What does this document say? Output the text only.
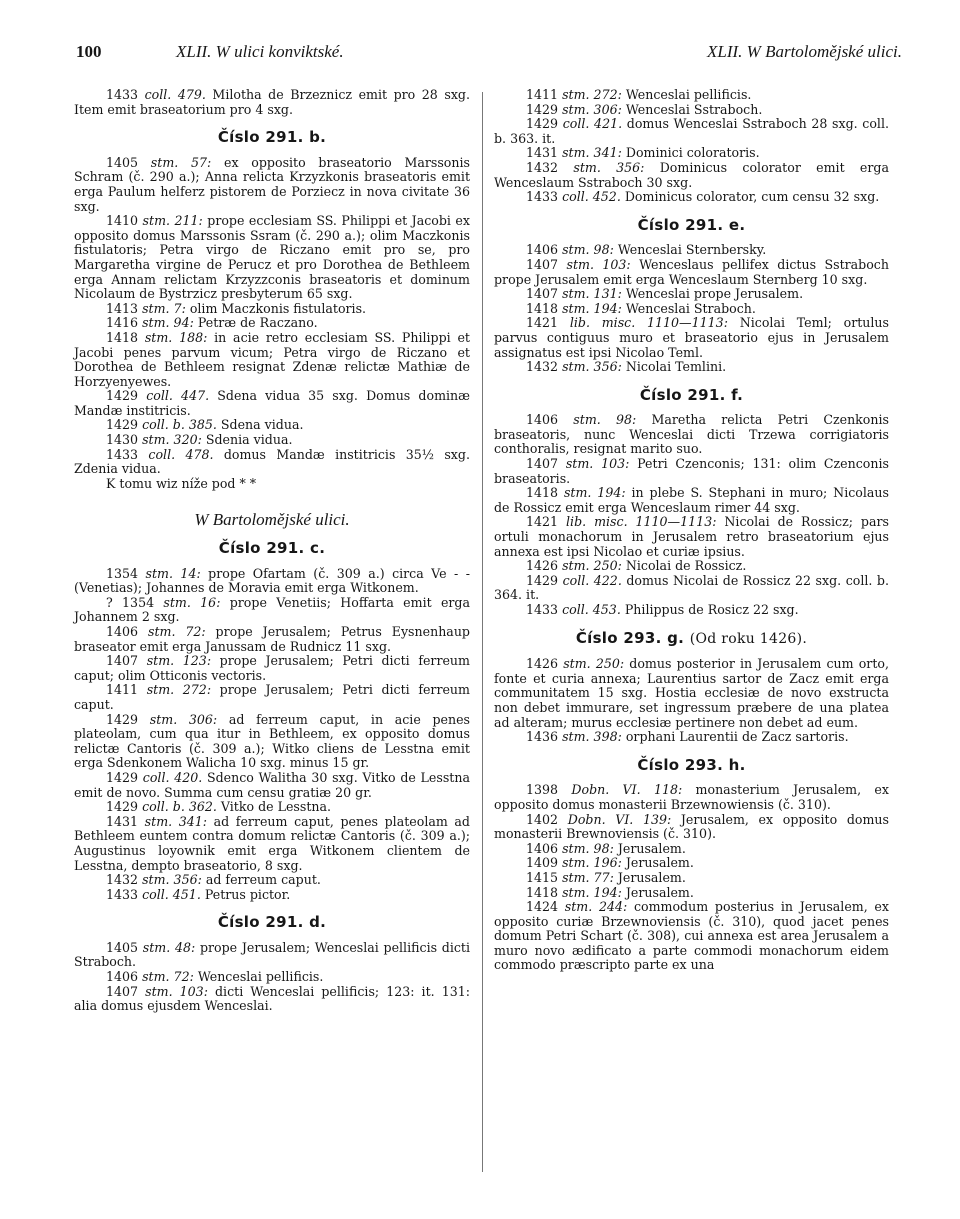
100	XLII. W ulici konviktské.	XLII. W Bartolomějské ulici.

1433 coll. 479. Milotha de Brzeznicz emit pro 28 sxg. Item emit braseatorium pro 4 sxg.

Číslo 291. b.

1405 stm. 57: ex opposito braseatorio Marssonis Schram (č. 290 a.); Anna relicta Krzyzkonis braseatoris emit erga Paulum helferz pistorem de Porziecz in nova civitate 36 sxg.

1410 stm. 211: prope ecclesiam SS. Philippi et Jacobi ex opposito domus Marssonis Ssram (č. 290 a.); olim Maczkonis fistulatoris; Petra virgo de Riczano emit pro se, pro Margaretha virgine de Perucz et pro Dorothea de Bethleem erga Annam relictam Krzyzzconis braseatoris et dominum Nicolaum de Bystrzicz presbyterum 65 sxg.

1413 stm. 7: olim Maczkonis fistulatoris.

1416 stm. 94: Petræ de Raczano.

1418 stm. 188: in acie retro ecclesiam SS. Philippi et Jacobi penes parvum vicum; Petra virgo de Riczano et Dorothea de Bethleem resignat Zdenæ relictæ Mathiæ de Horzyenyewes.

1429 coll. 447. Sdena vidua 35 sxg. Domus dominæ Mandæ institricis.

1429 coll. b. 385. Sdena vidua.

1430 stm. 320: Sdenia vidua.

1433 coll. 478. domus Mandæ institricis 35½ sxg. Zdenia vidua.

K tomu wiz níže pod * *

W Bartolomějské ulici.
Číslo 291. c.

1354 stm. 14: prope Ofartam (č. 309 a.) circa Ve - - (Venetias); Johannes de Moravia emit erga Witkonem.

? 1354 stm. 16: prope Venetiis; Hoffarta emit erga Johannem 2 sxg.

1406 stm. 72: prope Jerusalem; Petrus Eysnenhaup braseator emit erga Janussam de Rudnicz 11 sxg.

1407 stm. 123: prope Jerusalem; Petri dicti ferreum caput; olim Otticonis vectoris.

1411 stm. 272: prope Jerusalem; Petri dicti ferreum caput.

1429 stm. 306: ad ferreum caput, in acie penes plateolam, cum qua itur in Bethleem, ex opposito domus relictæ Cantoris (č. 309 a.); Witko cliens de Lesstna emit erga Sdenkonem Walicha 10 sxg. minus 15 gr.

1429 coll. 420. Sdenco Walitha 30 sxg. Vitko de Lesstna emit de novo. Summa cum censu gratiæ 20 gr.

1429 coll. b. 362. Vitko de Lesstna.

1431 stm. 341: ad ferreum caput, penes plateolam ad Bethleem euntem contra domum relictæ Cantoris (č. 309 a.); Augustinus loyownik emit erga Witkonem clientem de Lesstna, dempto braseatorio, 8 sxg.

1432 stm. 356: ad ferreum caput.

1433 coll. 451. Petrus pictor.

Číslo 291. d.

1405 stm. 48: prope Jerusalem; Wenceslai pellificis dicti Straboch.

1406 stm. 72: Wenceslai pellificis.

1407 stm. 103: dicti Wenceslai pellificis; 123: it. 131: alia domus ejusdem Wenceslai.

1411 stm. 272: Wenceslai pellificis.

1429 stm. 306: Wenceslai Sstraboch.

1429 coll. 421. domus Wenceslai Sstraboch 28 sxg. coll. b. 363. it.

1431 stm. 341: Dominici coloratoris.

1432 stm. 356: Dominicus colorator emit erga Wenceslaum Sstraboch 30 sxg.

1433 coll. 452. Dominicus colorator, cum censu 32 sxg.

Číslo 291. e.

1406 stm. 98: Wenceslai Sternbersky.

1407 stm. 103: Wenceslaus pellifex dictus Sstraboch prope Jerusalem emit erga Wenceslaum Sternberg 10 sxg.

1407 stm. 131: Wenceslai prope Jerusalem.

1418 stm. 194: Wenceslai Straboch.

1421 lib. misc. 1110—1113: Nicolai Teml; ortulus parvus contiguus muro et braseatorio ejus in Jerusalem assignatus est ipsi Nicolao Teml.

1432 stm. 356: Nicolai Temlini.

Číslo 291. f.

1406 stm. 98: Maretha relicta Petri Czenkonis braseatoris, nunc Wenceslai dicti Trzewa corrigiatoris conthoralis, resignat marito suo.

1407 stm. 103: Petri Czenconis; 131: olim Czenconis braseatoris.

1418 stm. 194: in plebe S. Stephani in muro; Nicolaus de Rossicz emit erga Wenceslaum rimer 44 sxg.

1421 lib. misc. 1110—1113: Nicolai de Rossicz; pars ortuli monachorum in Jerusalem retro braseatorium ejus annexa est ipsi Nicolao et curiæ ipsius.

1426 stm. 250: Nicolai de Rossicz.

1429 coll. 422. domus Nicolai de Rossicz 22 sxg. coll. b. 364. it.

1433 coll. 453. Philippus de Rosicz 22 sxg.

Číslo 293. g. (Od roku 1426).

1426 stm. 250: domus posterior in Jerusalem cum orto, fonte et curia annexa; Laurentius sartor de Zacz emit erga communitatem 15 sxg. Hostia ecclesiæ de novo exstructa non debet immurare, set ingressum præbere de una platea ad alteram; murus ecclesiæ pertinere non debet ad eum.

1436 stm. 398: orphani Laurentii de Zacz sartoris.

Číslo 293. h.

1398 Dobn. VI. 118: monasterium Jerusalem, ex opposito domus monasterii Brzewnowiensis (č. 310).

1402 Dobn. VI. 139: Jerusalem, ex opposito domus monasterii Brewnoviensis (č. 310).

1406 stm. 98: Jerusalem.

1409 stm. 196: Jerusalem.

1415 stm. 77: Jerusalem.

1418 stm. 194: Jerusalem.

1424 stm. 244: commodum posterius in Jerusalem, ex opposito curiæ Brzewnoviensis (č. 310), quod jacet penes domum Petri Schart (č. 308), cui annexa est area Jerusalem a muro novo ædificato a parte commodi monachorum eidem commodo præscripto parte ex una
